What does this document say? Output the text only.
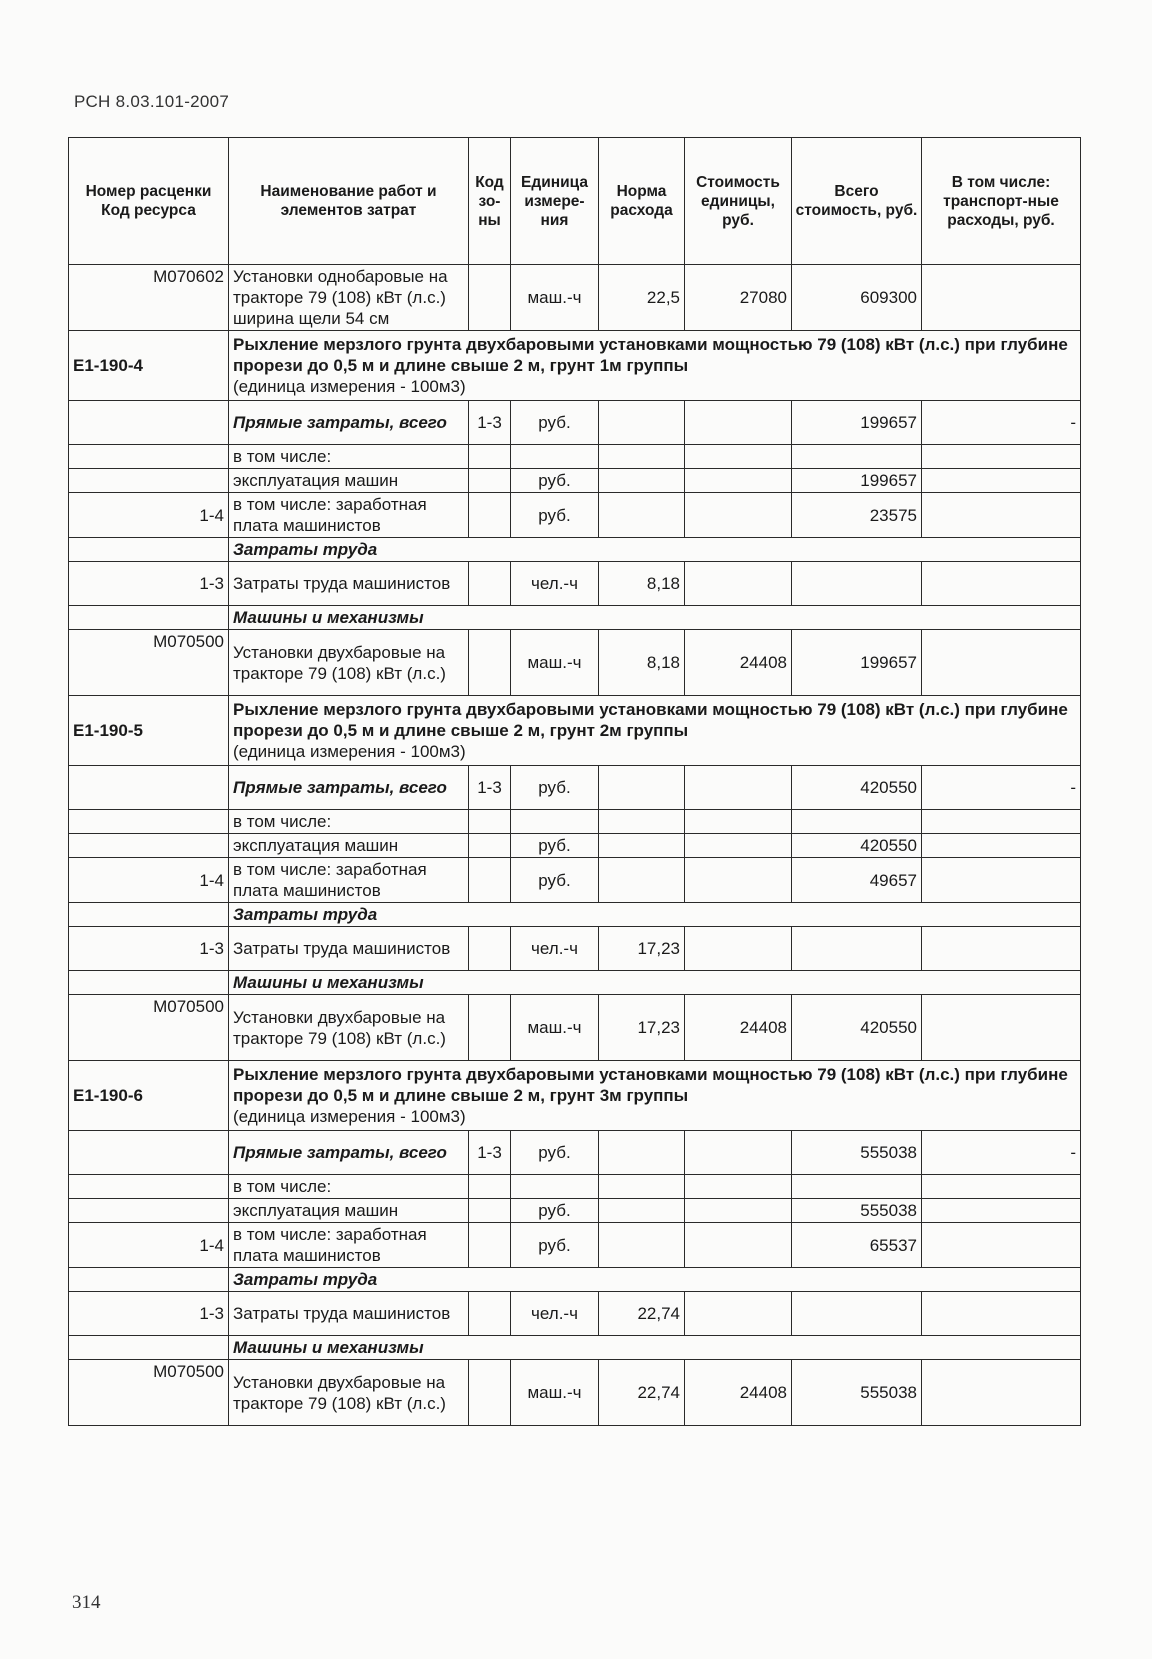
РСН 8.03.101-2007
Номер расценки Код ресурса	Наименование работ и элементов затрат	Код зо-ны	Единица измере-ния	Норма расхода	Стоимость единицы, руб.	Всего стоимость, руб.	В том числе: транспорт-ные расходы, руб.
М070602	Установки однобаровые на тракторе 79 (108) кВт (л.с.) ширина щели 54 см		маш.-ч	22,5	27080	609300	
Е1-190-4	Рыхление мерзлого грунта двухбаровыми установками мощностью 79 (108) кВт (л.с.) при глубине прорези до 0,5 м и длине свыше 2 м, грунт 1м группы
(единица измерения - 100м3)						
	Прямые затраты, всего	1-3	руб.			199657	-
	в том числе:						
	эксплуатация машин		руб.			199657	
1-4	в том числе: заработная плата машинистов		руб.			23575	
	Затраты труда						
1-3	Затраты труда машинистов		чел.-ч	8,18			
	Машины и механизмы						
М070500	Установки двухбаровые на тракторе 79 (108) кВт (л.с.)		маш.-ч	8,18	24408	199657	
Е1-190-5	Рыхление мерзлого грунта двухбаровыми установками мощностью 79 (108) кВт (л.с.) при глубине прорези до 0,5 м и длине свыше 2 м, грунт 2м группы
(единица измерения - 100м3)						
	Прямые затраты, всего	1-3	руб.			420550	-
	в том числе:						
	эксплуатация машин		руб.			420550	
1-4	в том числе: заработная плата машинистов		руб.			49657	
	Затраты труда						
1-3	Затраты труда машинистов		чел.-ч	17,23			
	Машины и механизмы						
М070500	Установки двухбаровые на тракторе 79 (108) кВт (л.с.)		маш.-ч	17,23	24408	420550	
Е1-190-6	Рыхление мерзлого грунта двухбаровыми установками мощностью 79 (108) кВт (л.с.) при глубине прорези до 0,5 м и длине свыше 2 м, грунт 3м группы
(единица измерения - 100м3)						
	Прямые затраты, всего	1-3	руб.			555038	-
	в том числе:						
	эксплуатация машин		руб.			555038	
1-4	в том числе: заработная плата машинистов		руб.			65537	
	Затраты труда						
1-3	Затраты труда машинистов		чел.-ч	22,74			
	Машины и механизмы						
М070500	Установки двухбаровые на тракторе 79 (108) кВт (л.с.)		маш.-ч	22,74	24408	555038	
314
